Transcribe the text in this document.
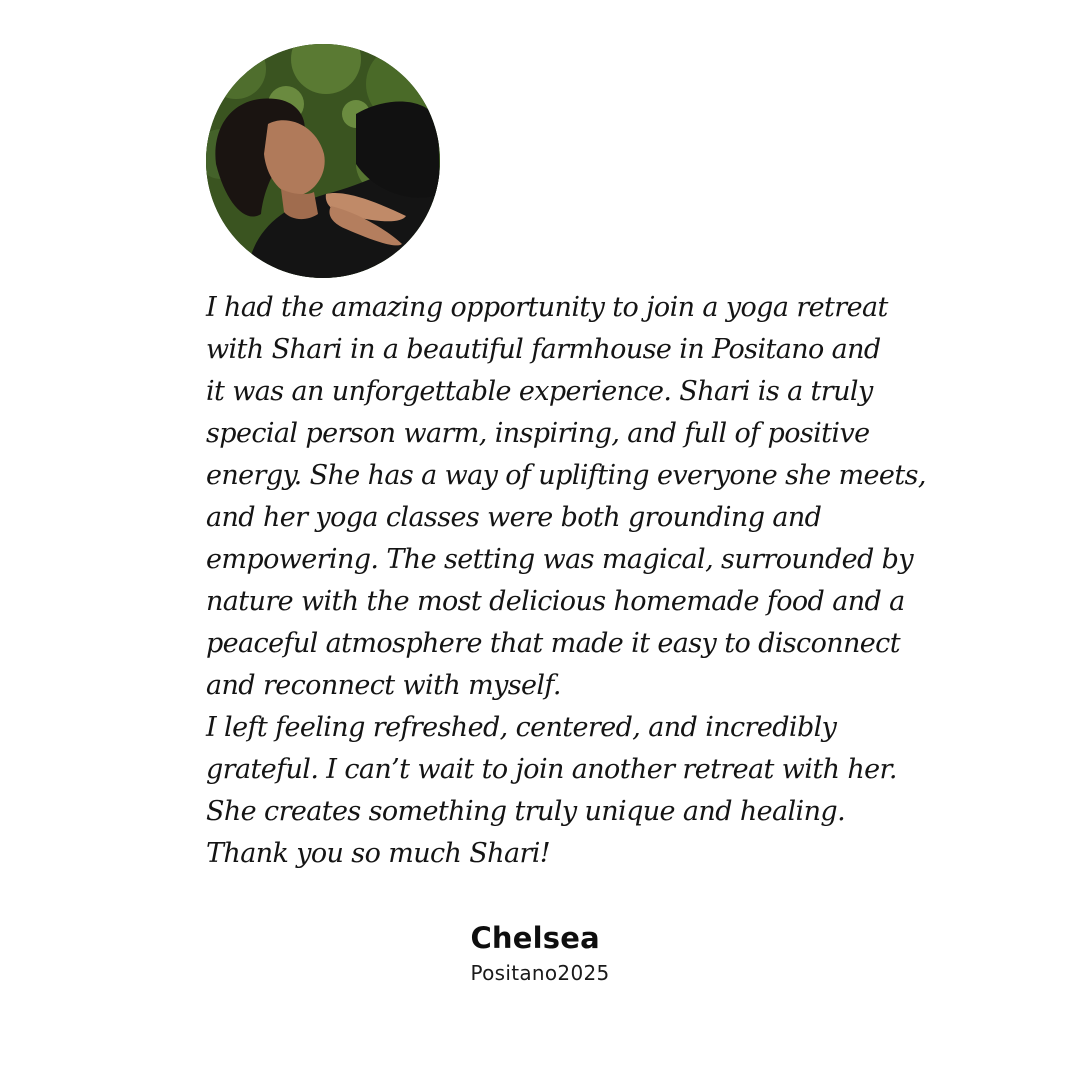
I had the amazing opportunity to join a yoga retreat
with Shari in a beautiful farmhouse in Positano and
it was an unforgettable experience. Shari is a truly
special person warm, inspiring, and full of positive
energy. She has a way of uplifting everyone she meets,
and her yoga classes were both grounding and
empowering. The setting was magical, surrounded by
nature with the most delicious homemade food and a
peaceful atmosphere that made it easy to disconnect
and reconnect with myself.
I left feeling refreshed, centered, and incredibly
grateful. I can’t wait to join another retreat with her.
She creates something truly unique and healing.
Thank you so much Shari!

Chelsea
Positano2025
